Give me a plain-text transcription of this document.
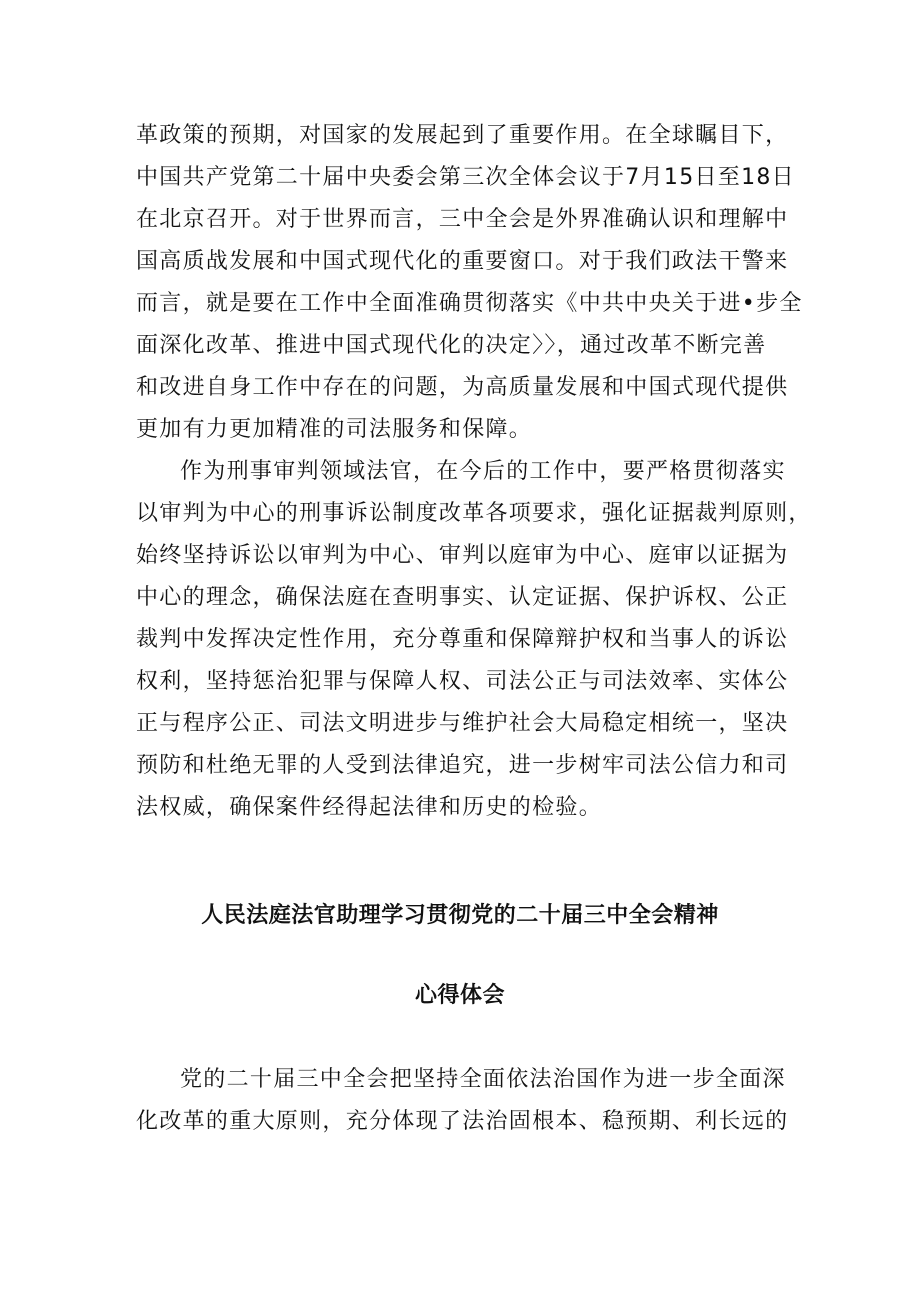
革政策的预期，对国家的发展起到了重要作用。在全球瞩目下，
中国共产党第二十届中央委会第三次全体会议于7月15日至18日
在北京召开。对于世界而言，三中全会是外界准确认识和理解中
国高质战发展和中国式现代化的重要窗口。对于我们政法干警来
而言，就是要在工作中全面准确贯彻落实《中共中央关于进•步全
面深化改革、推进中国式现代化的决定〉〉，通过改革不断完善
和改进自身工作中存在的问题，为高质量发展和中国式现代提供
更加有力更加精准的司法服务和保障。
作为刑事审判领域法官，在今后的工作中，要严格贯彻落实
以审判为中心的刑事诉讼制度改革各项要求，强化证据裁判原则，
始终坚持诉讼以审判为中心、审判以庭审为中心、庭审以证据为
中心的理念，确保法庭在查明事实、认定证据、保护诉权、公正
裁判中发挥决定性作用，充分尊重和保障辩护权和当事人的诉讼
权利，坚持惩治犯罪与保障人权、司法公正与司法效率、实体公
正与程序公正、司法文明进步与维护社会大局稳定相统一，坚决
预防和杜绝无罪的人受到法律追究，进一步树牢司法公信力和司
法权威，确保案件经得起法律和历史的检验。
人民法庭法官助理学习贯彻党的二十届三中全会精神
心得体会
党的二十届三中全会把坚持全面依法治国作为进一步全面深
化改革的重大原则，充分体现了法治固根本、稳预期、利长远的
